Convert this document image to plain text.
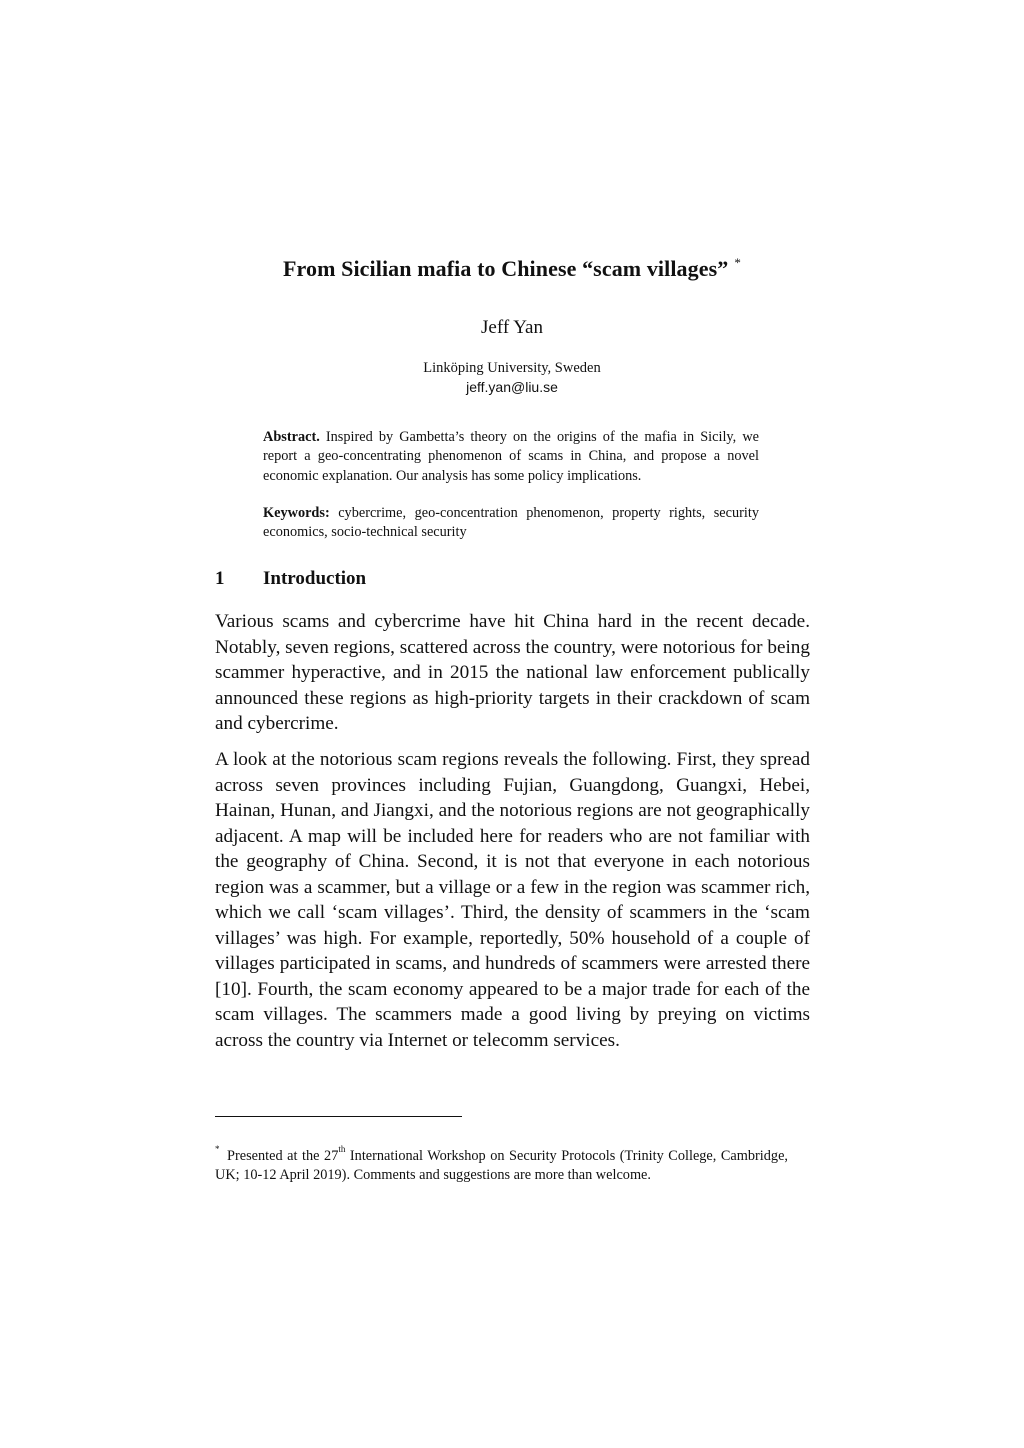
From Sicilian mafia to Chinese “scam villages” *
Jeff Yan
Linköping University, Sweden
jeff.yan@liu.se
Abstract. Inspired by Gambetta’s theory on the origins of the mafia in Sicily, we report a geo-concentrating phenomenon of scams in China, and propose a novel economic explanation. Our analysis has some policy implications.
Keywords: cybercrime, geo-concentration phenomenon, property rights, security economics, socio-technical security
1 Introduction
Various scams and cybercrime have hit China hard in the recent decade. Notably, seven regions, scattered across the country, were notorious for being scammer hyperactive, and in 2015 the national law enforcement publically announced these regions as high-priority targets in their crackdown of scam and cybercrime.
A look at the notorious scam regions reveals the following. First, they spread across seven provinces including Fujian, Guangdong, Guangxi, Hebei, Hainan, Hunan, and Jiangxi, and the notorious regions are not geographically adjacent. A map will be included here for readers who are not familiar with the geography of China. Second, it is not that everyone in each notorious region was a scammer, but a village or a few in the region was scammer rich, which we call ‘scam villages’. Third, the density of scammers in the ‘scam villages’ was high. For example, reportedly, 50% household of a couple of villages participated in scams, and hundreds of scammers were arrested there [10]. Fourth, the scam economy appeared to be a major trade for each of the scam villages. The scammers made a good living by preying on victims across the country via Internet or telecomm services.
* Presented at the 27th International Workshop on Security Protocols (Trinity College, Cambridge, UK; 10-12 April 2019). Comments and suggestions are more than welcome.
